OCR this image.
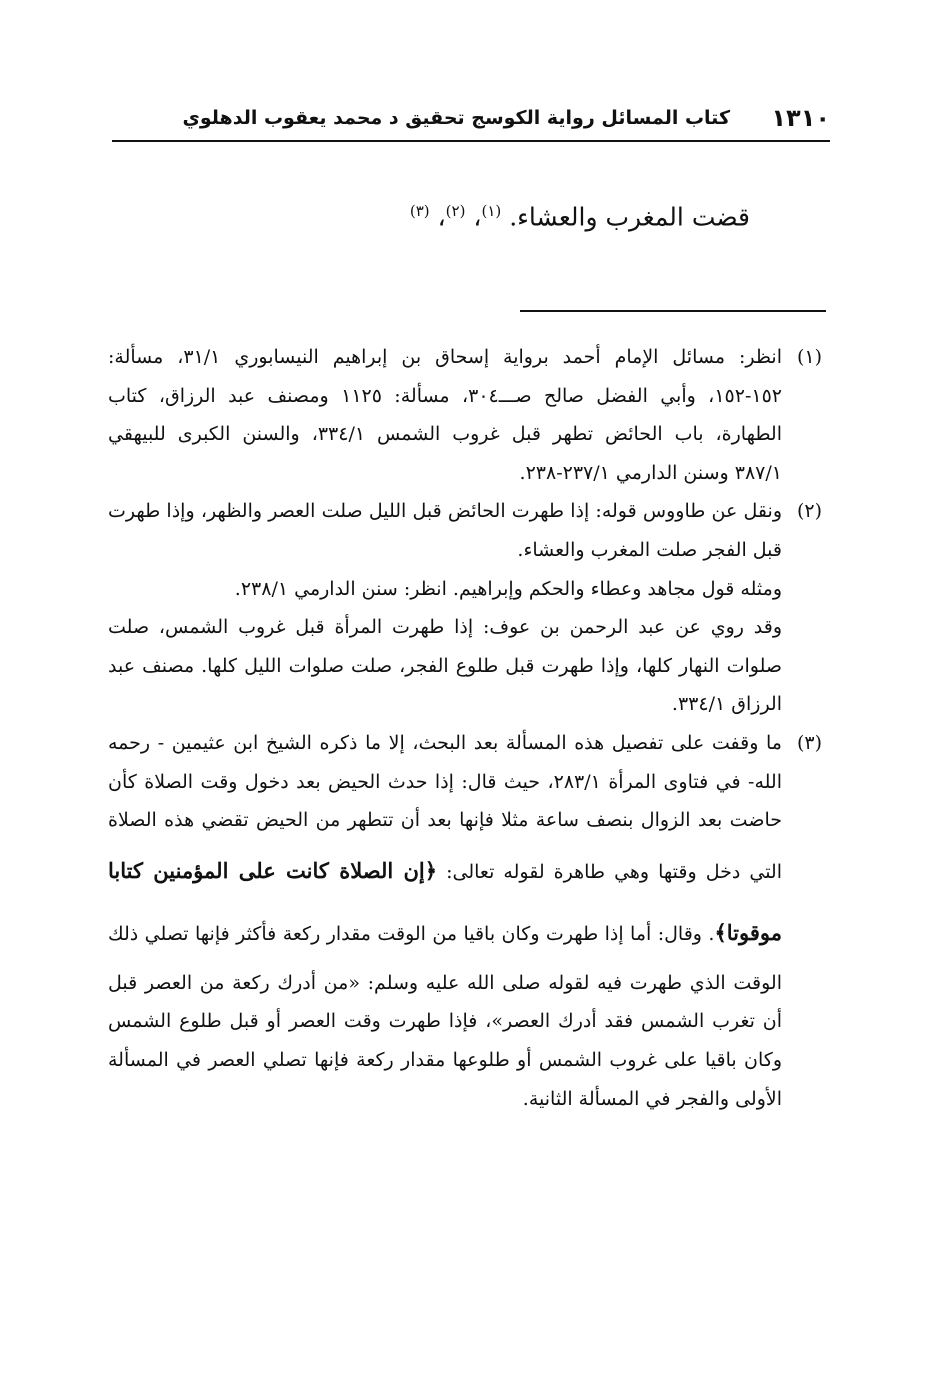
١٣١٠
كتاب المسائل رواية الكوسج تحقيق د محمد يعقوب الدهلوي
قضت المغرب والعشاء. $^{(١)}$، $^{(٢)}$، $^{(٣)}$
(١)

انظر: مسائل الإمام أحمد برواية إسحاق بن إبراهيم النيسابوري ٣١/١، مسألة: ١٥٢-١٥٢، وأبي الفضل صالح صـــ٣٠٤، مسألة: ١١٢٥ ومصنف عبد الرزاق، كتاب الطهارة، باب الحائض تطهر قبل غروب الشمس ٣٣٤/١، والسنن الكبرى للبيهقي ٣٨٧/١ وسنن الدارمي ٢٣٧/١-٢٣٨.

(٢)

ونقل عن طاووس قوله: إذا طهرت الحائض قبل الليل صلت العصر والظهر، وإذا طهرت قبل الفجر صلت المغرب والعشاء.

ومثله قول مجاهد وعطاء والحكم وإبراهيم. انظر: سنن الدارمي ٢٣٨/١.

وقد روي عن عبد الرحمن بن عوف: إذا طهرت المرأة قبل غروب الشمس، صلت صلوات النهار كلها، وإذا طهرت قبل طلوع الفجر، صلت صلوات الليل كلها. مصنف عبد الرزاق ٣٣٤/١.

(٣)

ما وقفت على تفصيل هذه المسألة بعد البحث، إلا ما ذكره الشيخ ابن عثيمين - رحمه الله- في فتاوى المرأة ٢٨٣/١، حيث قال: إذا حدث الحيض بعد دخول وقت الصلاة كأن حاضت بعد الزوال بنصف ساعة مثلا فإنها بعد أن تتطهر من الحيض تقضي هذه الصلاة التي دخل وقتها وهي طاهرة لقوله تعالى: ﴿إن الصلاة كانت على المؤمنين كتابا موقوتا﴾. وقال: أما إذا طهرت وكان باقيا من الوقت مقدار ركعة فأكثر فإنها تصلي ذلك الوقت الذي طهرت فيه لقوله صلى الله عليه وسلم: «من أدرك ركعة من العصر قبل أن تغرب الشمس فقد أدرك العصر»، فإذا طهرت وقت العصر أو قبل طلوع الشمس وكان باقيا على غروب الشمس أو طلوعها مقدار ركعة فإنها تصلي العصر في المسألة الأولى والفجر في المسألة الثانية.
